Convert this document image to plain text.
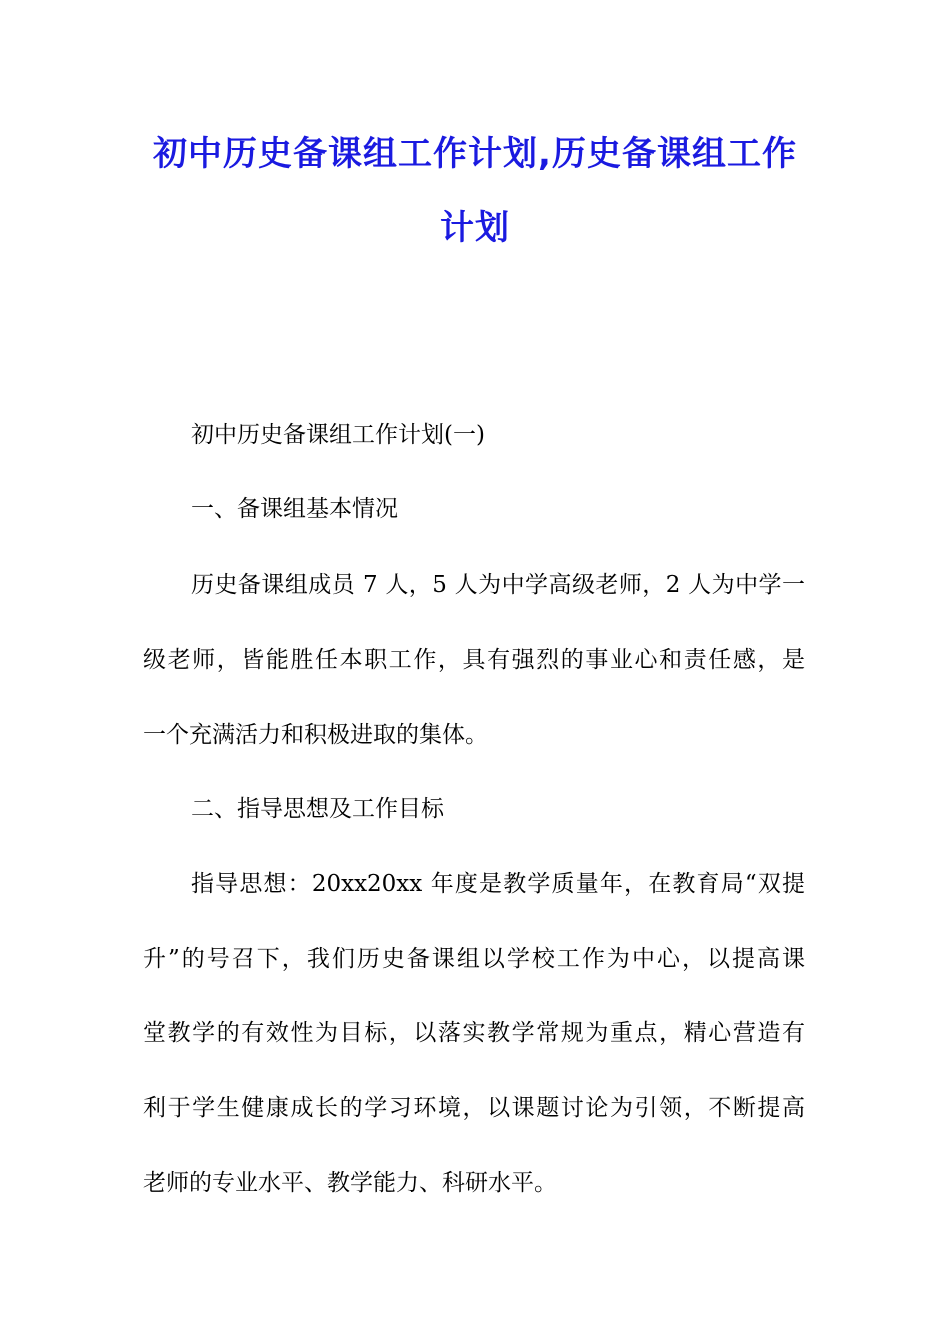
初中历史备课组工作计划,历史备课组工作
计划
初中历史备课组工作计划(一)
一、备课组基本情况
历史备课组成员 7 人，5 人为中学高级老师，2 人为中学一
级老师，皆能胜任本职工作，具有强烈的事业心和责任感，是
一个充满活力和积极进取的集体。
二、指导思想及工作目标
指导思想：20xx20xx 年度是教学质量年，在教育局“双提
升”的号召下，我们历史备课组以学校工作为中心，以提高课
堂教学的有效性为目标，以落实教学常规为重点，精心营造有
利于学生健康成长的学习环境，以课题讨论为引领，不断提高
老师的专业水平、教学能力、科研水平。
